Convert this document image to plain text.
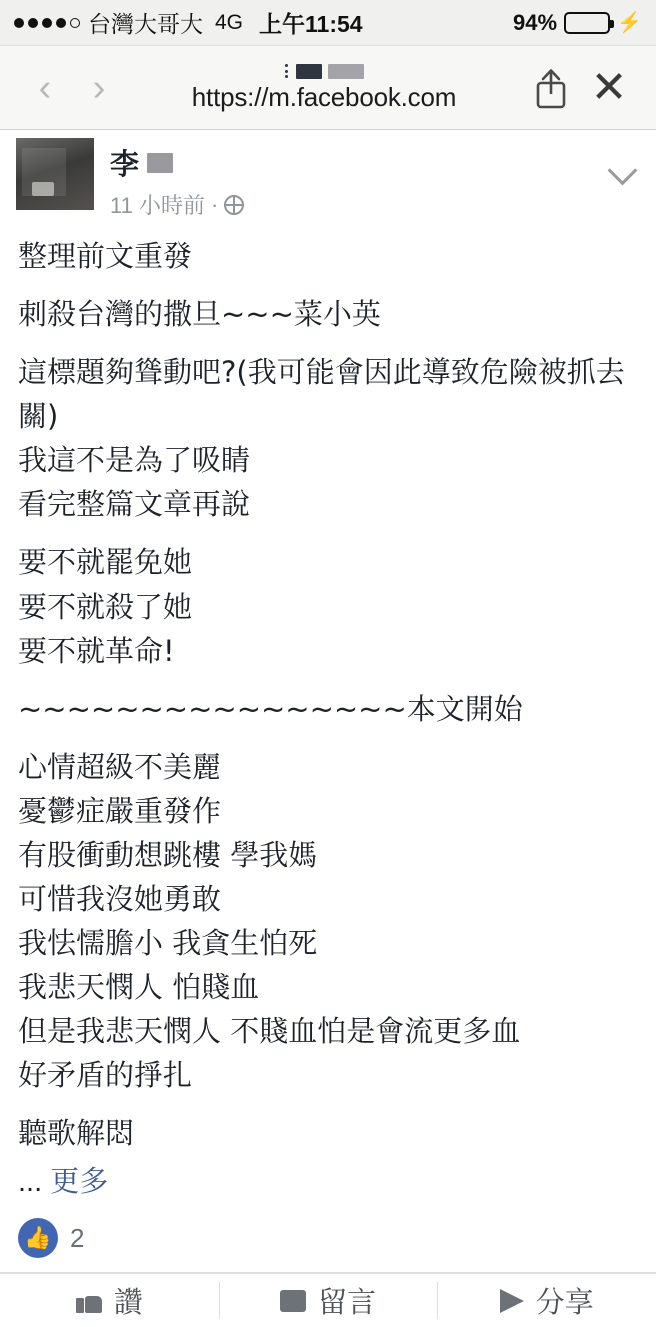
台灣大哥大 4G 上午11:54	94%	⚡
‹	›	https://m.facebook.com	✕
李
11 小時前 ·

整理前文重發

刺殺台灣的撒旦~~~菜小英

這標題夠聳動吧?(我可能會因此導致危險被抓去關)

我這不是為了吸睛

看完整篇文章再說

要不就罷免她

要不就殺了她

要不就革命!

~~~~~~~~~~~~~~~~本文開始

心情超級不美麗

憂鬱症嚴重發作

有股衝動想跳樓 學我媽

可惜我沒她勇敢

我怯懦膽小 我貪生怕死

我悲天憫人 怕賤血

但是我悲天憫人 不賤血怕是會流更多血

好矛盾的掙扎

聽歌解悶

... 更多
👍 2
讚	留言	分享
